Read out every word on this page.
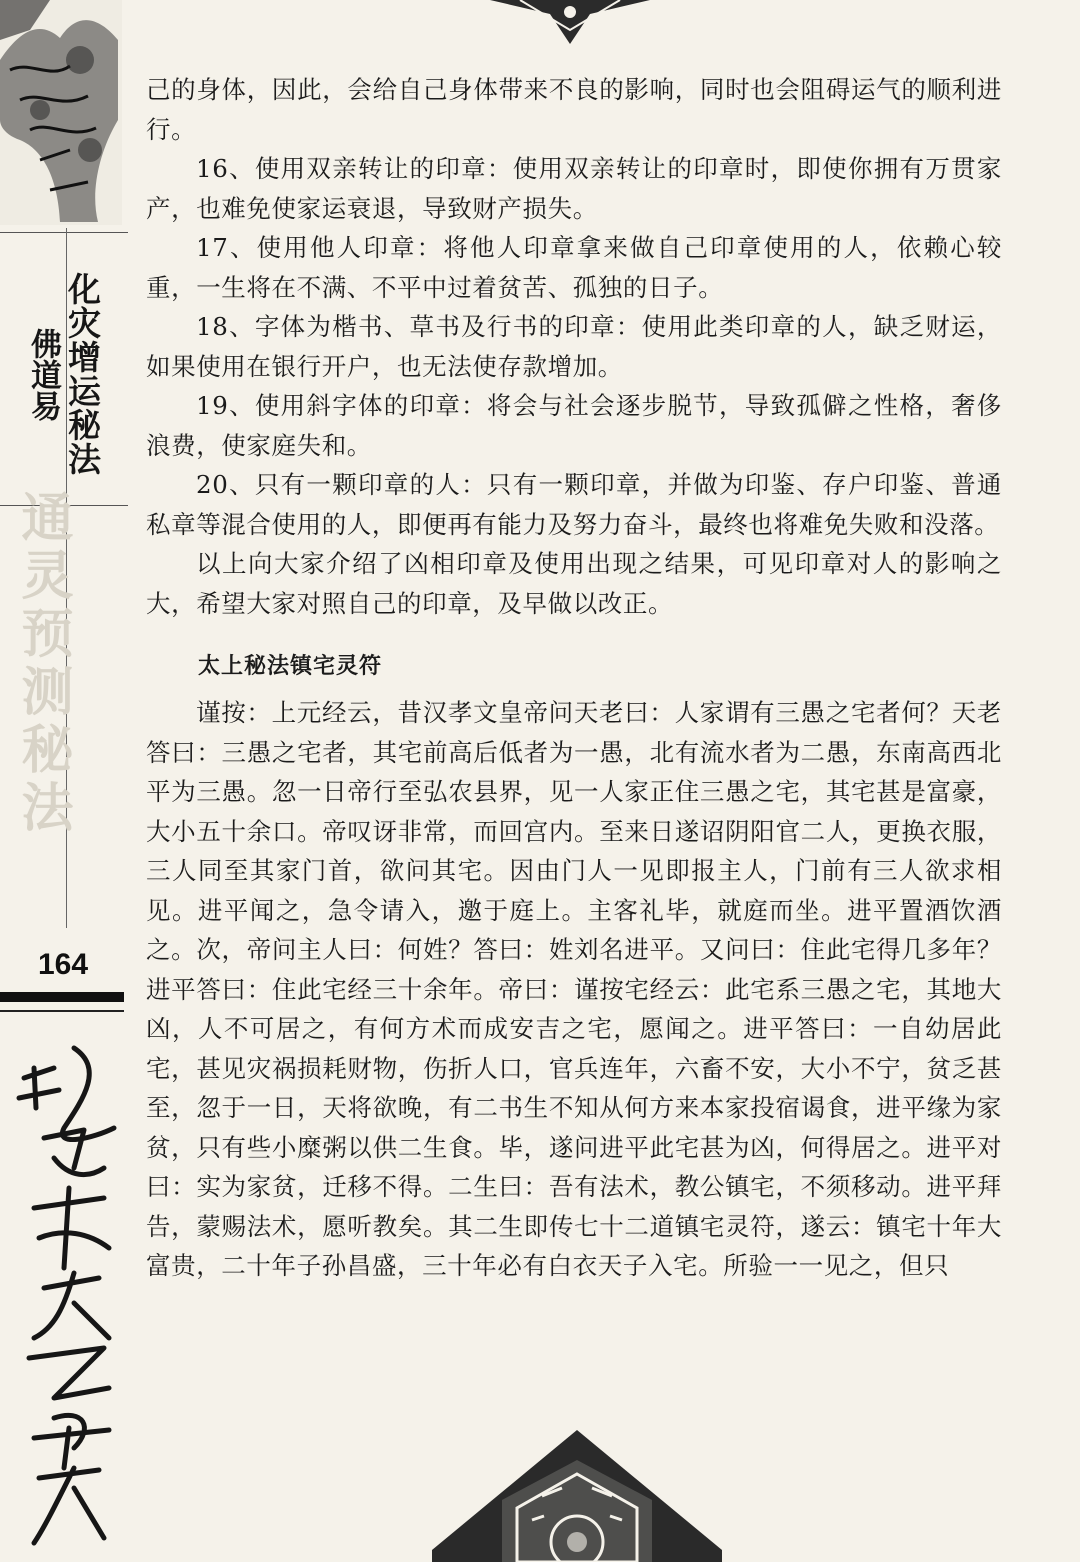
通灵预测秘法
化灾增运秘法
佛道易
164

己的身体，因此，会给自己身体带来不良的影响，同时也会阻碍运气的顺利进行。

16、使用双亲转让的印章：使用双亲转让的印章时，即使你拥有万贯家产，也难免使家运衰退，导致财产损失。

17、使用他人印章：将他人印章拿来做自己印章使用的人，依赖心较重，一生将在不满、不平中过着贫苦、孤独的日子。

18、字体为楷书、草书及行书的印章：使用此类印章的人，缺乏财运，如果使用在银行开户，也无法使存款增加。

19、使用斜字体的印章：将会与社会逐步脱节，导致孤僻之性格，奢侈浪费，使家庭失和。

20、只有一颗印章的人：只有一颗印章，并做为印鉴、存户印鉴、普通私章等混合使用的人，即便再有能力及努力奋斗，最终也将难免失败和没落。

以上向大家介绍了凶相印章及使用出现之结果，可见印章对人的影响之大，希望大家对照自己的印章，及早做以改正。

太上秘法镇宅灵符

谨按：上元经云，昔汉孝文皇帝问天老曰：人家谓有三愚之宅者何？天老答曰：三愚之宅者，其宅前高后低者为一愚，北有流水者为二愚，东南高西北平为三愚。忽一日帝行至弘农县界，见一人家正住三愚之宅，其宅甚是富豪，大小五十余口。帝叹讶非常，而回宫内。至来日遂诏阴阳官二人，更换衣服，三人同至其家门首，欲问其宅。因由门人一见即报主人，门前有三人欲求相见。进平闻之，急令请入，邀于庭上。主客礼毕，就庭而坐。进平置酒饮酒之。次，帝问主人曰：何姓？答曰：姓刘名进平。又问曰：住此宅得几多年？进平答曰：住此宅经三十余年。帝曰：谨按宅经云：此宅系三愚之宅，其地大凶，人不可居之，有何方术而成安吉之宅，愿闻之。进平答曰：一自幼居此宅，甚见灾祸损耗财物，伤折人口，官兵连年，六畜不安，大小不宁，贫乏甚至，忽于一日，天将欲晚，有二书生不知从何方来本家投宿谒食，进平缘为家贫，只有些小糜粥以供二生食。毕，遂问进平此宅甚为凶，何得居之。进平对曰：实为家贫，迁移不得。二生曰：吾有法术，教公镇宅，不须移动。进平拜告，蒙赐法术，愿听教矣。其二生即传七十二道镇宅灵符，遂云：镇宅十年大富贵，二十年子孙昌盛，三十年必有白衣天子入宅。所验一一见之，但只
